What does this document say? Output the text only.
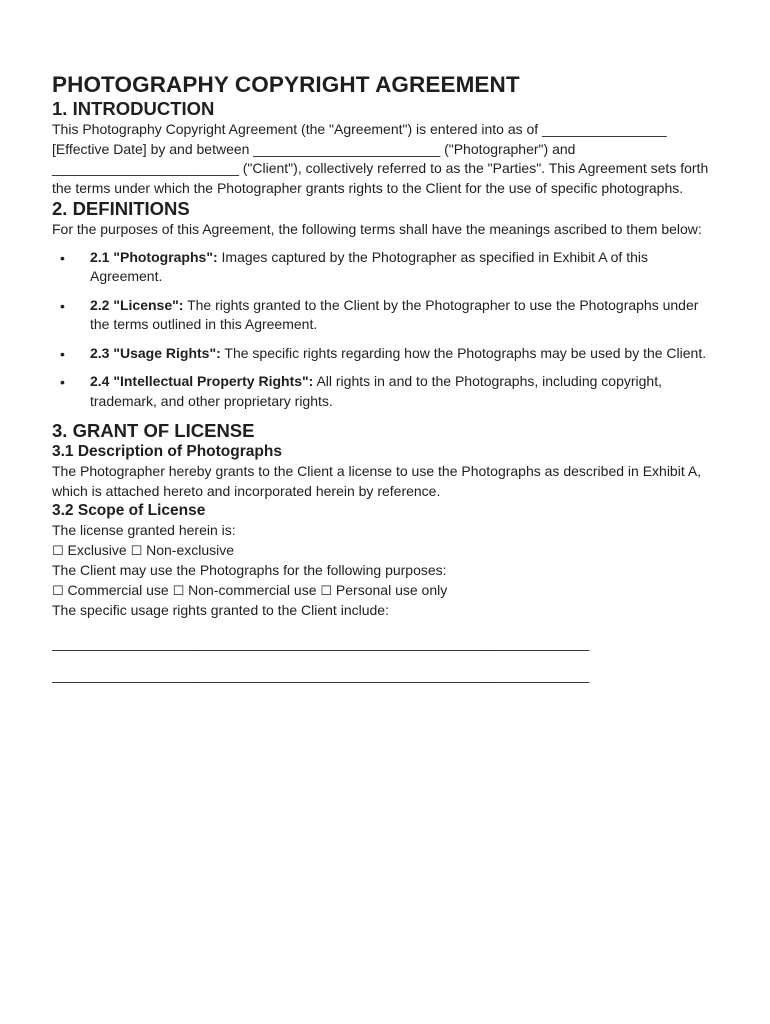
PHOTOGRAPHY COPYRIGHT AGREEMENT
1. INTRODUCTION

This Photography Copyright Agreement (the "Agreement") is entered into as of ________________ [Effective Date] by and between ________________________ ("Photographer") and ________________________ ("Client"), collectively referred to as the "Parties". This Agreement sets forth the terms under which the Photographer grants rights to the Client for the use of specific photographs.

2. DEFINITIONS

For the purposes of this Agreement, the following terms shall have the meanings ascribed to them below:

• 2.1 "Photographs": Images captured by the Photographer as specified in Exhibit A of this Agreement.
• 2.2 "License": The rights granted to the Client by the Photographer to use the Photographs under the terms outlined in this Agreement.
• 2.3 "Usage Rights": The specific rights regarding how the Photographs may be used by the Client.
• 2.4 "Intellectual Property Rights": All rights in and to the Photographs, including copyright, trademark, and other proprietary rights.
3. GRANT OF LICENSE
3.1 Description of Photographs

The Photographer hereby grants to the Client a license to use the Photographs as described in Exhibit A, which is attached hereto and incorporated herein by reference.

3.2 Scope of License

The license granted herein is:

☐ Exclusive ☐ Non-exclusive

The Client may use the Photographs for the following purposes:

☐ Commercial use ☐ Non-commercial use ☐ Personal use only

The specific usage rights granted to the Client include:

_____________________________________________________________________

_____________________________________________________________________
